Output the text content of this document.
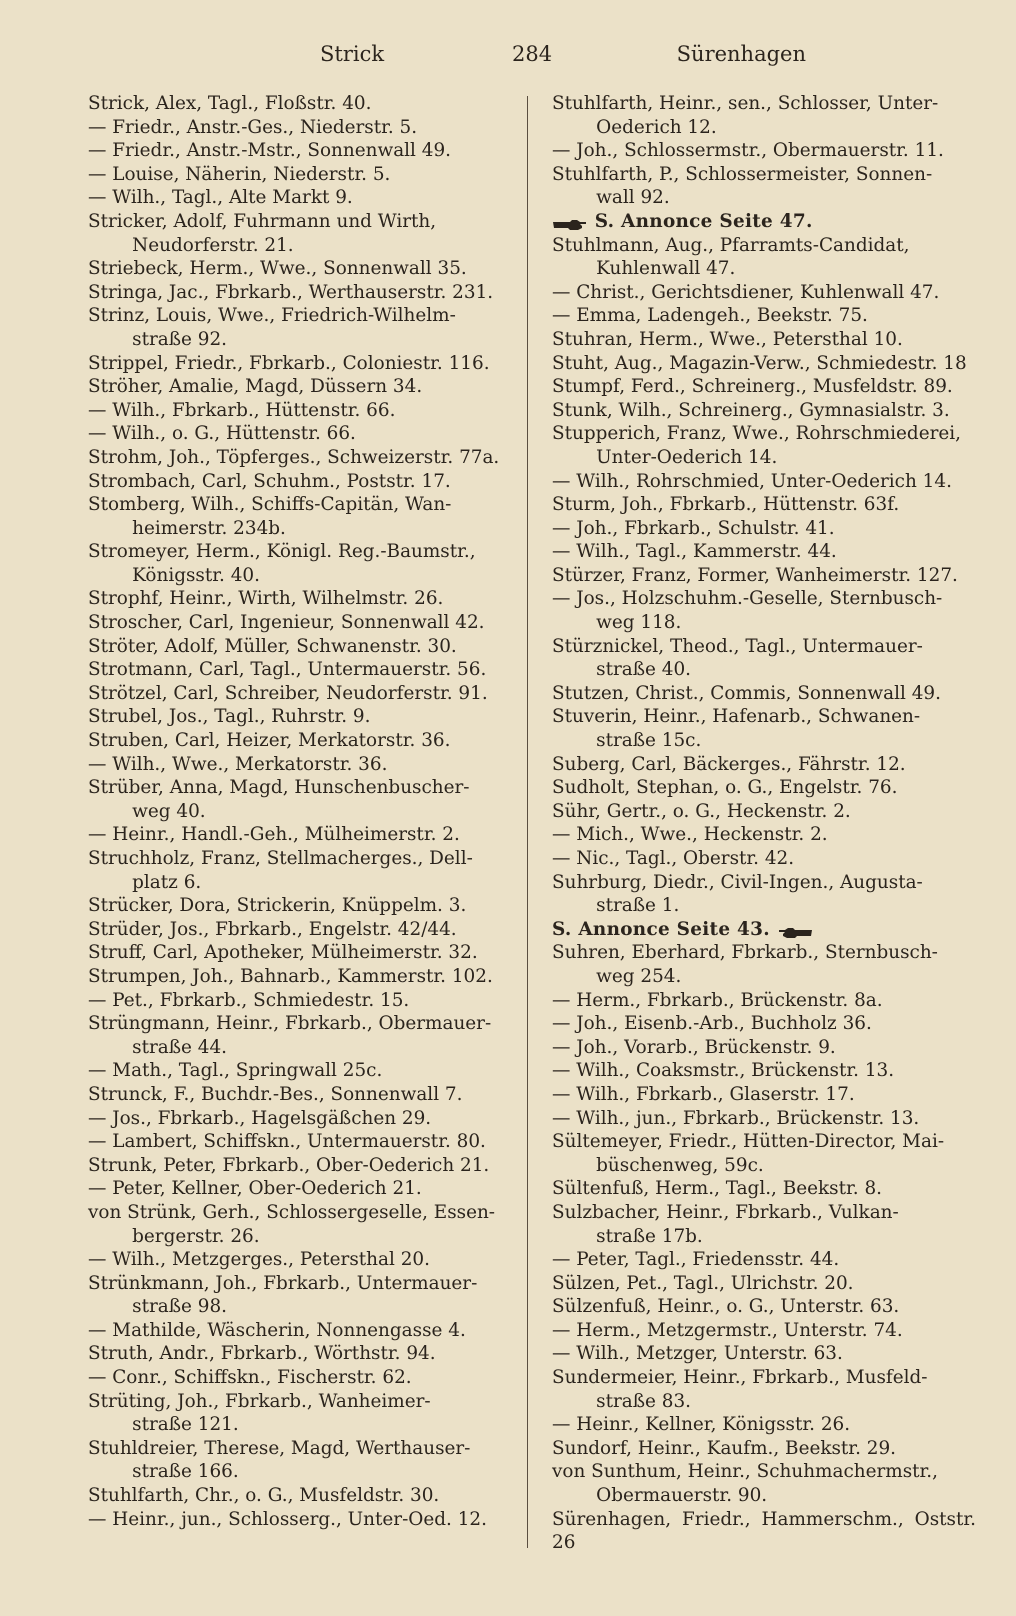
Strick	284	Sürenhagen
Strick, Alex, Tagl., Floßstr. 40.
— Friedr., Anstr.-Ges., Niederstr. 5.
— Friedr., Anstr.-Mstr., Sonnenwall 49.
— Louise, Näherin, Niederstr. 5.
— Wilh., Tagl., Alte Markt 9.
Stricker, Adolf, Fuhrmann und Wirth,
Neudorferstr. 21.
Striebeck, Herm., Wwe., Sonnenwall 35.
Stringa, Jac., Fbrkarb., Werthauserstr. 231.
Strinz, Louis, Wwe., Friedrich-Wilhelm-
straße 92.
Strippel, Friedr., Fbrkarb., Coloniestr. 116.
Ströher, Amalie, Magd, Düssern 34.
— Wilh., Fbrkarb., Hüttenstr. 66.
— Wilh., o. G., Hüttenstr. 66.
Strohm, Joh., Töpferges., Schweizerstr. 77a.
Strombach, Carl, Schuhm., Poststr. 17.
Stomberg, Wilh., Schiffs-Capitän, Wan-
heimerstr. 234b.
Stromeyer, Herm., Königl. Reg.-Baumstr.,
Königsstr. 40.
Strophf, Heinr., Wirth, Wilhelmstr. 26.
Stroscher, Carl, Ingenieur, Sonnenwall 42.
Ströter, Adolf, Müller, Schwanenstr. 30.
Strotmann, Carl, Tagl., Untermauerstr. 56.
Strötzel, Carl, Schreiber, Neudorferstr. 91.
Strubel, Jos., Tagl., Ruhrstr. 9.
Struben, Carl, Heizer, Merkatorstr. 36.
— Wilh., Wwe., Merkatorstr. 36.
Strüber, Anna, Magd, Hunschenbuscher-
weg 40.
— Heinr., Handl.-Geh., Mülheimerstr. 2.
Struchholz, Franz, Stellmacherges., Dell-
platz 6.
Strücker, Dora, Strickerin, Knüppelm. 3.
Strüder, Jos., Fbrkarb., Engelstr. 42/44.
Struff, Carl, Apotheker, Mülheimerstr. 32.
Strumpen, Joh., Bahnarb., Kammerstr. 102.
— Pet., Fbrkarb., Schmiedestr. 15.
Strüngmann, Heinr., Fbrkarb., Obermauer-
straße 44.
— Math., Tagl., Springwall 25c.
Strunck, F., Buchdr.-Bes., Sonnenwall 7.
— Jos., Fbrkarb., Hagelsgäßchen 29.
— Lambert, Schiffskn., Untermauerstr. 80.
Strunk, Peter, Fbrkarb., Ober-Oederich 21.
— Peter, Kellner, Ober-Oederich 21.
von Strünk, Gerh., Schlossergeselle, Essen-
bergerstr. 26.
— Wilh., Metzgerges., Petersthal 20.
Strünkmann, Joh., Fbrkarb., Untermauer-
straße 98.
— Mathilde, Wäscherin, Nonnengasse 4.
Struth, Andr., Fbrkarb., Wörthstr. 94.
— Conr., Schiffskn., Fischerstr. 62.
Strüting, Joh., Fbrkarb., Wanheimer-
straße 121.
Stuhldreier, Therese, Magd, Werthauser-
straße 166.
Stuhlfarth, Chr., o. G., Musfeldstr. 30.
— Heinr., jun., Schlosserg., Unter-Oed. 12.
Stuhlfarth, Heinr., sen., Schlosser, Unter-
Oederich 12.
— Joh., Schlossermstr., Obermauerstr. 11.
Stuhlfarth, P., Schlossermeister, Sonnen-
wall 92.
S. Annonce Seite 47.
Stuhlmann, Aug., Pfarramts-Candidat,
Kuhlenwall 47.
— Christ., Gerichtsdiener, Kuhlenwall 47.
— Emma, Ladengeh., Beekstr. 75.
Stuhran, Herm., Wwe., Petersthal 10.
Stuht, Aug., Magazin-Verw., Schmiedestr. 18
Stumpf, Ferd., Schreinerg., Musfeldstr. 89.
Stunk, Wilh., Schreinerg., Gymnasialstr. 3.
Stupperich, Franz, Wwe., Rohrschmiederei,
Unter-Oederich 14.
— Wilh., Rohrschmied, Unter-Oederich 14.
Sturm, Joh., Fbrkarb., Hüttenstr. 63f.
— Joh., Fbrkarb., Schulstr. 41.
— Wilh., Tagl., Kammerstr. 44.
Stürzer, Franz, Former, Wanheimerstr. 127.
— Jos., Holzschuhm.-Geselle, Sternbusch-
weg 118.
Stürznickel, Theod., Tagl., Untermauer-
straße 40.
Stutzen, Christ., Commis, Sonnenwall 49.
Stuverin, Heinr., Hafenarb., Schwanen-
straße 15c.
Suberg, Carl, Bäckerges., Fährstr. 12.
Sudholt, Stephan, o. G., Engelstr. 76.
Sühr, Gertr., o. G., Heckenstr. 2.
— Mich., Wwe., Heckenstr. 2.
— Nic., Tagl., Oberstr. 42.
Suhrburg, Diedr., Civil-Ingen., Augusta-
straße 1.
S. Annonce Seite 43.
Suhren, Eberhard, Fbrkarb., Sternbusch-
weg 254.
— Herm., Fbrkarb., Brückenstr. 8a.
— Joh., Eisenb.-Arb., Buchholz 36.
— Joh., Vorarb., Brückenstr. 9.
— Wilh., Coaksmstr., Brückenstr. 13.
— Wilh., Fbrkarb., Glaserstr. 17.
— Wilh., jun., Fbrkarb., Brückenstr. 13.
Sültemeyer, Friedr., Hütten-Director, Mai-
büschenweg, 59c.
Sültenfuß, Herm., Tagl., Beekstr. 8.
Sulzbacher, Heinr., Fbrkarb., Vulkan-
straße 17b.
— Peter, Tagl., Friedensstr. 44.
Sülzen, Pet., Tagl., Ulrichstr. 20.
Sülzenfuß, Heinr., o. G., Unterstr. 63.
— Herm., Metzgermstr., Unterstr. 74.
— Wilh., Metzger, Unterstr. 63.
Sundermeier, Heinr., Fbrkarb., Musfeld-
straße 83.
— Heinr., Kellner, Königsstr. 26.
Sundorf, Heinr., Kaufm., Beekstr. 29.
von Sunthum, Heinr., Schuhmachermstr.,
Obermauerstr. 90.
Sürenhagen, Friedr., Hammerschm., Oststr. 26
